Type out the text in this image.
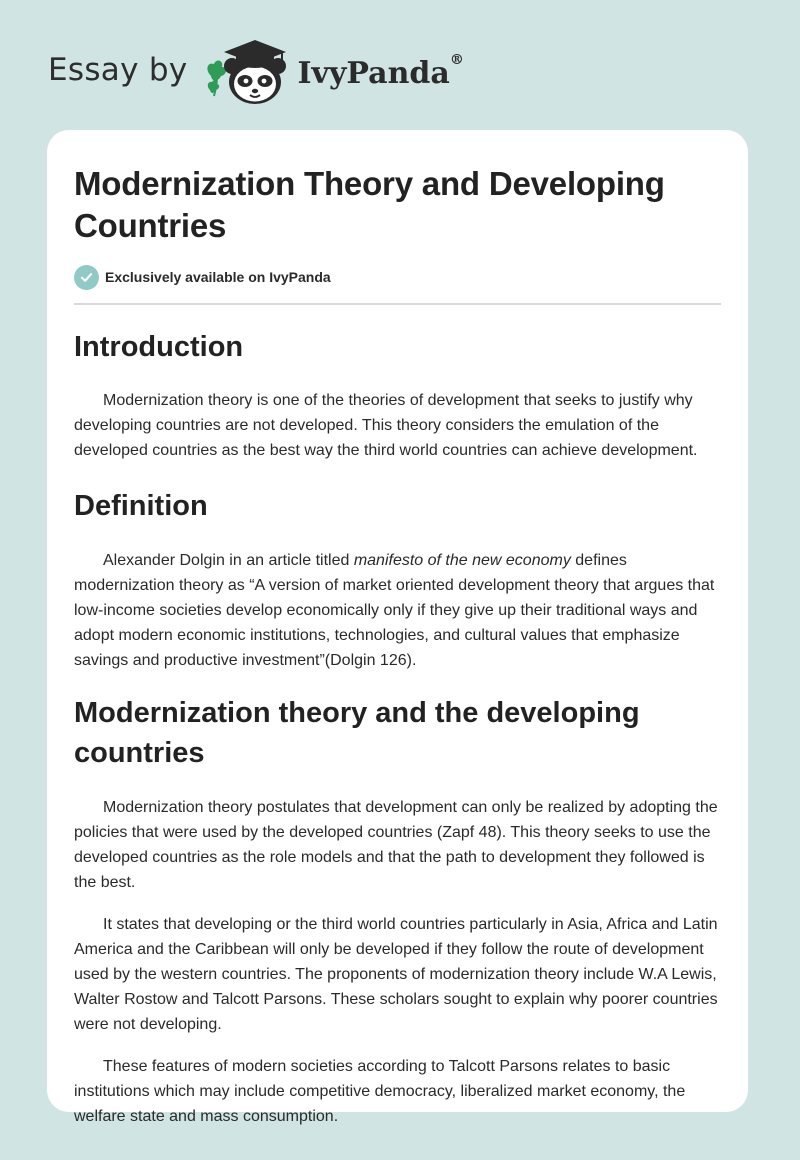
Essay by	IvyPanda®
Modernization Theory and Developing Countries
Exclusively available on IvyPanda
Introduction

Modernization theory is one of the theories of development that seeks to justify why developing countries are not developed. This theory considers the emulation of the developed countries as the best way the third world countries can achieve development.

Definition

Alexander Dolgin in an article titled manifesto of the new economy defines modernization theory as “A version of market oriented development theory that argues that low-income societies develop economically only if they give up their traditional ways and adopt modern economic institutions, technologies, and cultural values that emphasize savings and productive investment”(Dolgin 126).

Modernization theory and the developing countries

Modernization theory postulates that development can only be realized by adopting the policies that were used by the developed countries (Zapf 48). This theory seeks to use the developed countries as the role models and that the path to development they followed is the best.

It states that developing or the third world countries particularly in Asia, Africa and Latin America and the Caribbean will only be developed if they follow the route of development used by the western countries. The proponents of modernization theory include W.A Lewis, Walter Rostow and Talcott Parsons. These scholars sought to explain why poorer countries were not developing.

These features of modern societies according to Talcott Parsons relates to basic institutions which may include competitive democracy, liberalized market economy, the welfare state and mass consumption.
